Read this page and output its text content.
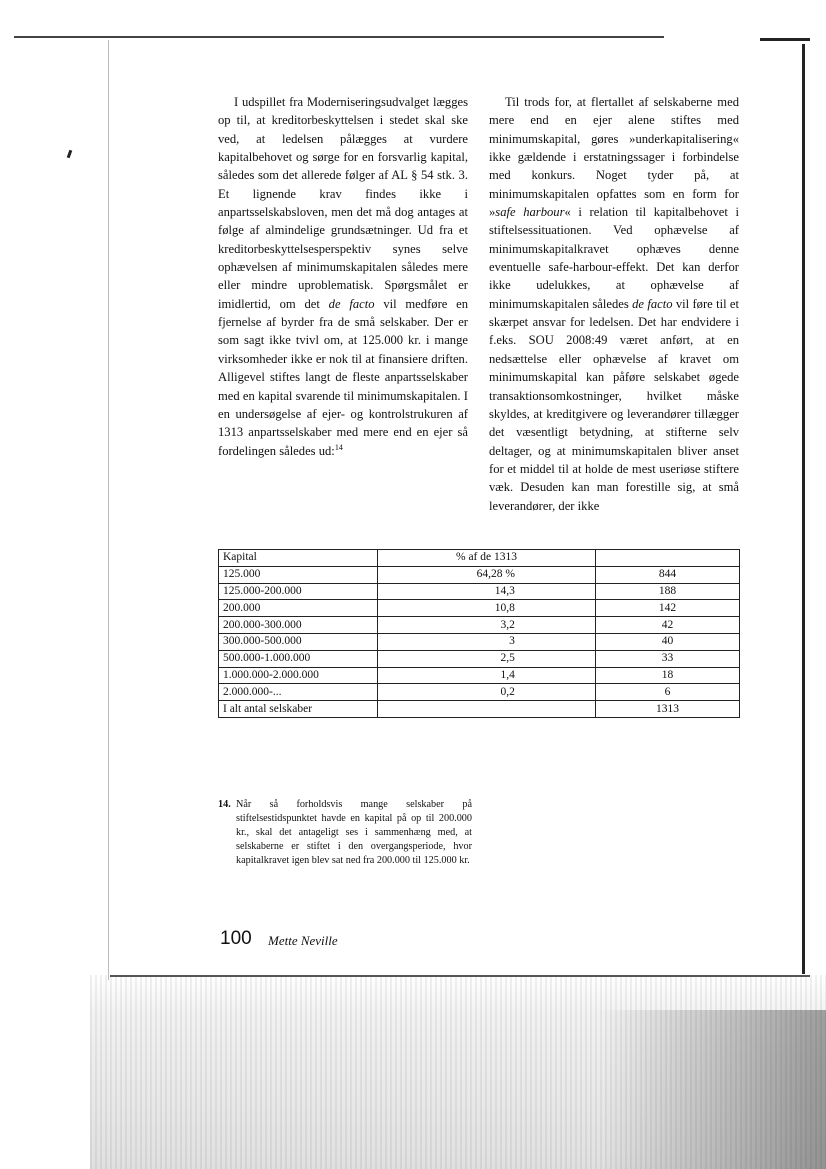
I udspillet fra Moderniseringsudvalget lægges op til, at kreditorbeskyttelsen i stedet skal ske ved, at ledelsen pålægges at vurdere kapitalbehovet og sørge for en forsvarlig kapital, således som det allerede følger af AL § 54 stk. 3. Et lignende krav findes ikke i anpartsselskabsloven, men det må dog antages at følge af almindelige grundsætninger. Ud fra et kreditorbeskyttelsesperspektiv synes selve ophævelsen af minimumskapitalen således mere eller mindre uproblematisk. Spørgsmålet er imidlertid, om det de facto vil medføre en fjernelse af byrder fra de små selskaber. Der er som sagt ikke tvivl om, at 125.000 kr. i mange virksomheder ikke er nok til at finansiere driften. Alligevel stiftes langt de fleste anpartsselskaber med en kapital svarende til minimumskapitalen. I en undersøgelse af ejer- og kontrolstrukuren af 1313 anpartsselskaber med mere end en ejer så fordelingen således ud:$^{14}$

Til trods for, at flertallet af selskaberne med mere end en ejer alene stiftes med minimumskapital, gøres »underkapitalisering« ikke gældende i erstatningssager i forbindelse med konkurs. Noget tyder på, at minimumskapitalen opfattes som en form for »safe harbour« i relation til kapitalbehovet i stiftelsessituationen. Ved ophævelse af minimumskapitalkravet ophæves denne eventuelle safe-harbour-effekt. Det kan derfor ikke udelukkes, at ophævelse af minimumskapitalen således de facto vil føre til et skærpet ansvar for ledelsen. Det har endvidere i f.eks. SOU 2008:49 været anført, at en nedsættelse eller ophævelse af kravet om minimumskapital kan påføre selskabet øgede transaktionsomkostninger, hvilket måske skyldes, at kreditgivere og leverandører tillægger det væsentligt betydning, at stifterne selv deltager, og at minimumskapitalen bliver anset for et middel til at holde de mest useriøse stiftere væk. Desuden kan man forestille sig, at små leverandører, der ikke

Kapital	% af de 1313	
125.000	64,28 %	844
125.000-200.000	14,3	188
200.000	10,8	142
200.000-300.000	3,2	42
300.000-500.000	3	40
500.000-1.000.000	2,5	33
1.000.000-2.000.000	1,4	18
2.000.000-...	0,2	6
I alt antal selskaber		1313
14. Når så forholdsvis mange selskaber på stiftelsestidspunktet havde en kapital på op til 200.000 kr., skal det antageligt ses i sammenhæng med, at selskaberne er stiftet i den overgangsperiode, hvor kapitalkravet igen blev sat ned fra 200.000 til 125.000 kr.
100 Mette Neville
